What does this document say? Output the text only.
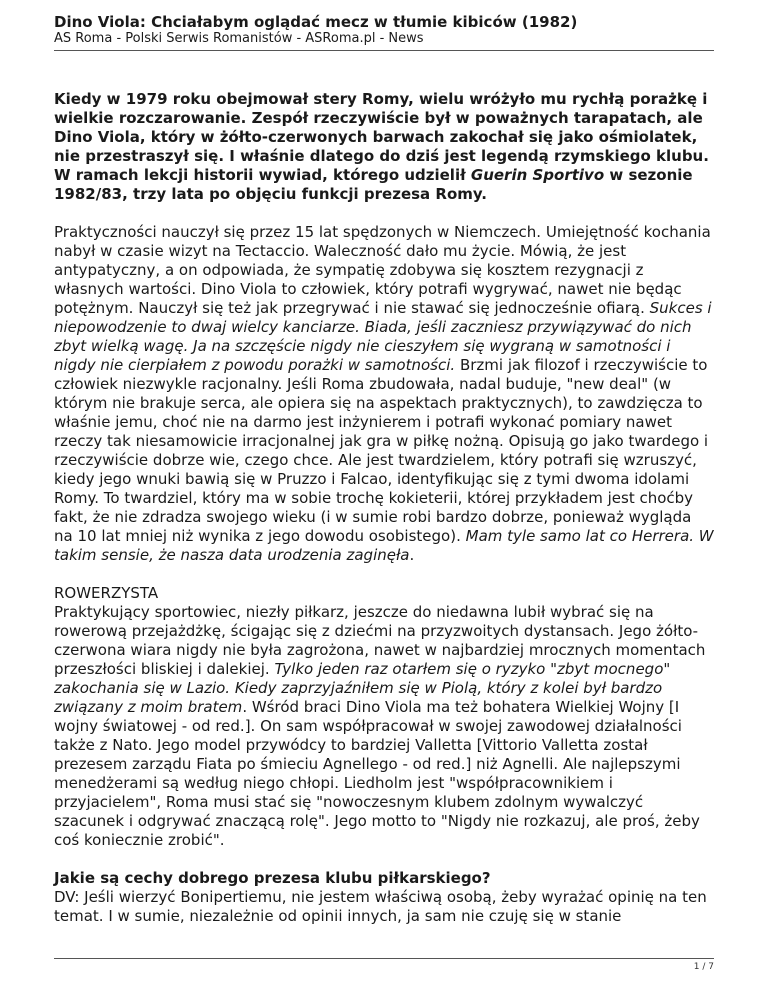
Dino Viola: Chciałabym oglądać mecz w tłumie kibiców (1982)
AS Roma - Polski Serwis Romanistów - ASRoma.pl - News

Kiedy w 1979 roku obejmował stery Romy, wielu wróżyło mu rychłą porażkę i wielkie rozczarowanie. Zespół rzeczywiście był w poważnych tarapatach, ale Dino Viola, który w żółto-czerwonych barwach zakochał się jako ośmiolatek, nie przestraszył się. I właśnie dlatego do dziś jest legendą rzymskiego klubu. W ramach lekcji historii wywiad, którego udzielił Guerin Sportivo w sezonie 1982/83, trzy lata po objęciu funkcji prezesa Romy.

Praktyczności nauczył się przez 15 lat spędzonych w Niemczech. Umiejętność kochania nabył w czasie wizyt na Tectaccio. Waleczność dało mu życie. Mówią, że jest antypatyczny, a on odpowiada, że sympatię zdobywa się kosztem rezygnacji z własnych wartości. Dino Viola to człowiek, który potrafi wygrywać, nawet nie będąc potężnym. Nauczył się też jak przegrywać i nie stawać się jednocześnie ofiarą. Sukces i niepowodzenie to dwaj wielcy kanciarze. Biada, jeśli zaczniesz przywiązywać do nich zbyt wielką wagę. Ja na szczęście nigdy nie cieszyłem się wygraną w samotności i nigdy nie cierpiałem z powodu porażki w samotności. Brzmi jak filozof i rzeczywiście to człowiek niezwykle racjonalny. Jeśli Roma zbudowała, nadal buduje, "new deal" (w którym nie brakuje serca, ale opiera się na aspektach praktycznych), to zawdzięcza to właśnie jemu, choć nie na darmo jest inżynierem i potrafi wykonać pomiary nawet rzeczy tak niesamowicie irracjonalnej jak gra w piłkę nożną. Opisują go jako twardego i rzeczywiście dobrze wie, czego chce. Ale jest twardzielem, który potrafi się wzruszyć, kiedy jego wnuki bawią się w Pruzzo i Falcao, identyfikując się z tymi dwoma idolami Romy. To twardziel, który ma w sobie trochę kokieterii, której przykładem jest choćby fakt, że nie zdradza swojego wieku (i w sumie robi bardzo dobrze, ponieważ wygląda na 10 lat mniej niż wynika z jego dowodu osobistego). Mam tyle samo lat co Herrera. W takim sensie, że nasza data urodzenia zaginęła.

ROWERZYSTA

Praktykujący sportowiec, niezły piłkarz, jeszcze do niedawna lubił wybrać się na rowerową przejażdżkę, ścigając się z dziećmi na przyzwoitych dystansach. Jego żółto-czerwona wiara nigdy nie była zagrożona, nawet w najbardziej mrocznych momentach przeszłości bliskiej i dalekiej. Tylko jeden raz otarłem się o ryzyko "zbyt mocnego" zakochania się w Lazio. Kiedy zaprzyjaźniłem się w Piolą, który z kolei był bardzo związany z moim bratem. Wśród braci Dino Viola ma też bohatera Wielkiej Wojny [I wojny światowej - od red.]. On sam współpracował w swojej zawodowej działalności także z Nato. Jego model przywódcy to bardziej Valletta [Vittorio Valletta został prezesem zarządu Fiata po śmieciu Agnellego - od red.] niż Agnelli. Ale najlepszymi menedżerami są według niego chłopi. Liedholm jest "współpracownikiem i przyjacielem", Roma musi stać się "nowoczesnym klubem zdolnym wywalczyć szacunek i odgrywać znaczącą rolę". Jego motto to "Nigdy nie rozkazuj, ale proś, żeby coś koniecznie zrobić".

Jakie są cechy dobrego prezesa klubu piłkarskiego?

DV: Jeśli wierzyć Bonipertiemu, nie jestem właściwą osobą, żeby wyrażać opinię na ten temat. I w sumie, niezależnie od opinii innych, ja sam nie czuję się w stanie

1 / 7
